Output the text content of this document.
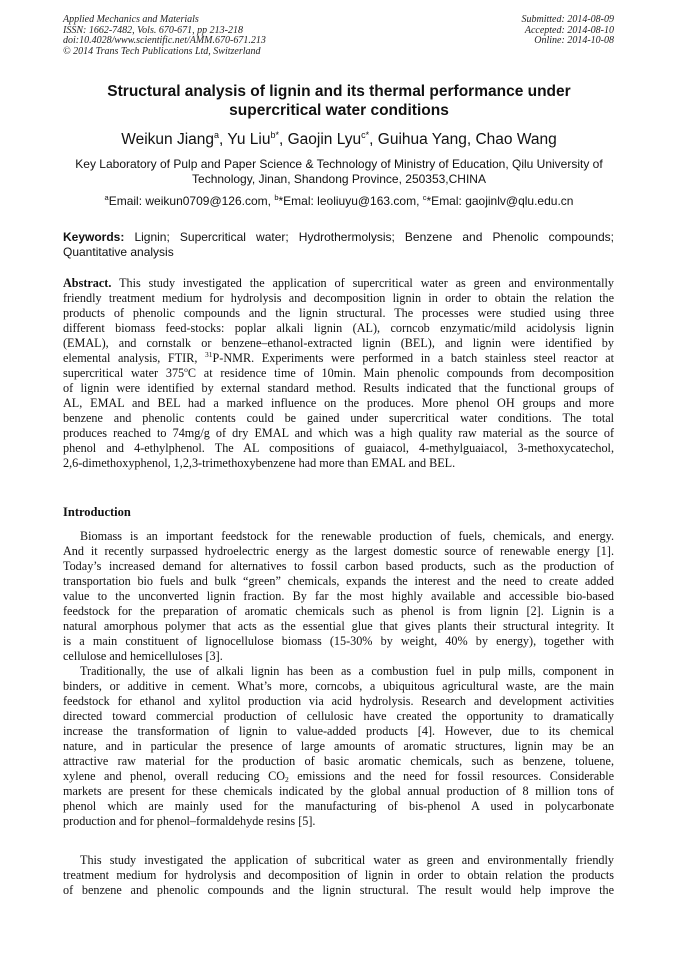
Applied Mechanics and Materials
ISSN: 1662-7482, Vols. 670-671, pp 213-218
doi:10.4028/www.scientific.net/AMM.670-671.213
© 2014 Trans Tech Publications Ltd, Switzerland
Submitted: 2014-08-09
Accepted: 2014-08-10
Online: 2014-10-08
Structural analysis of lignin and its thermal performance under
supercritical water conditions
Weikun Jiang$^a$, Yu Liu$^{b*}$, Gaojin Lyu$^{c*}$, Guihua Yang, Chao Wang
Key Laboratory of Pulp and Paper Science & Technology of Ministry of Education, Qilu University of
Technology, Jinan, Shandong Province, 250353,CHINA
$^a$Email: weikun0709@126.com, $^b$*Emal: leoliuyu@163.com, $^c$*Emal: gaojinlv@qlu.edu.cn
Keywords: Lignin; Supercritical water; Hydrothermolysis; Benzene and Phenolic compounds;
Quantitative analysis
Abstract. This study investigated the application of supercritical water as green and environmentally
friendly treatment medium for hydrolysis and decomposition lignin in order to obtain the relation the
products of phenolic compounds and the lignin structural. The processes were studied using three
different biomass feed-stocks: poplar alkali lignin (AL), corncob enzymatic/mild acidolysis lignin
(EMAL), and cornstalk or benzene–ethanol-extracted lignin (BEL), and lignin were identified by
elemental analysis, FTIR, $^{31}$P-NMR. Experiments were performed in a batch stainless steel reactor at
supercritical water 375$^o$C at residence time of 10min. Main phenolic compounds from decomposition
of lignin were identified by external standard method. Results indicated that the functional groups of
AL, EMAL and BEL had a marked influence on the produces. More phenol OH groups and more
benzene and phenolic contents could be gained under supercritical water conditions. The total
produces reached to 74mg/g of dry EMAL and which was a high quality raw material as the source of
phenol and 4-ethylphenol. The AL compositions of guaiacol, 4-methylguaiacol, 3-methoxycatechol,
2,6-dimethoxyphenol, 1,2,3-trimethoxybenzene had more than EMAL and BEL.
Introduction
Biomass is an important feedstock for the renewable production of fuels, chemicals, and energy.
And it recently surpassed hydroelectric energy as the largest domestic source of renewable energy [1].
Today’s increased demand for alternatives to fossil carbon based products, such as the production of
transportation bio fuels and bulk “green” chemicals, expands the interest and the need to create added
value to the unconverted lignin fraction. By far the most highly available and accessible bio-based
feedstock for the preparation of aromatic chemicals such as phenol is from lignin [2]. Lignin is a
natural amorphous polymer that acts as the essential glue that gives plants their structural integrity. It
is a main constituent of lignocellulose biomass (15-30% by weight, 40% by energy), together with
cellulose and hemicelluloses [3].
Traditionally, the use of alkali lignin has been as a combustion fuel in pulp mills, component in
binders, or additive in cement. What’s more, corncobs, a ubiquitous agricultural waste, are the main
feedstock for ethanol and xylitol production via acid hydrolysis. Research and development activities
directed toward commercial production of cellulosic have created the opportunity to dramatically
increase the transformation of lignin to value-added products [4]. However, due to its chemical
nature, and in particular the presence of large amounts of aromatic structures, lignin may be an
attractive raw material for the production of basic aromatic chemicals, such as benzene, toluene,
xylene and phenol, overall reducing $CO_2$ emissions and the need for fossil resources. Considerable
markets are present for these chemicals indicated by the global annual production of 8 million tons of
phenol which are mainly used for the manufacturing of bis-phenol A used in polycarbonate
production and for phenol–formaldehyde resins [5].
This study investigated the application of subcritical water as green and environmentally friendly
treatment medium for hydrolysis and decomposition of lignin in order to obtain relation the products
of benzene and phenolic compounds and the lignin structural. The result would help improve the
